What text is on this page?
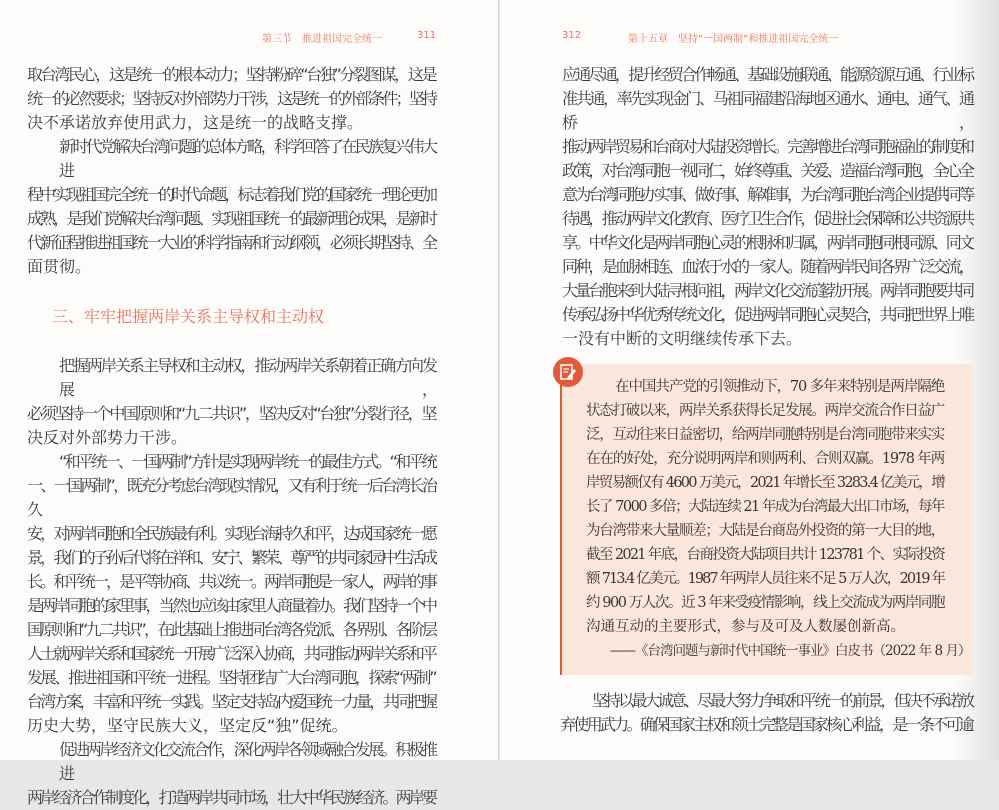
第三节　推进祖国完全统一	311	312	第十五章　坚持“一国两制”和推进祖国完全统一
取台湾民心，这是统一的根本动力；坚持粉碎“台独”分裂图谋，这是
统一的必然要求；坚持反对外部势力干涉，这是统一的外部条件；坚持
决不承诺放弃使用武力，这是统一的战略支撑。
新时代党解决台湾问题的总体方略，科学回答了在民族复兴伟大进
程中实现祖国完全统一的时代命题，标志着我们党的国家统一理论更加
成熟，是我们党解决台湾问题、实现祖国统一的最新理论成果，是新时
代新征程推进祖国统一大业的科学指南和行动纲领，必须长期坚持、全
面贯彻。
三、牢牢把握两岸关系主导权和主动权
把握两岸关系主导权和主动权，推动两岸关系朝着正确方向发展，
必须坚持一个中国原则和“九二共识”，坚决反对“台独”分裂行径，坚
决反对外部势力干涉。
“和平统一、一国两制”方针是实现两岸统一的最佳方式。“和平统
一、一国两制”，既充分考虑台湾现实情况，又有利于统一后台湾长治久
安，对两岸同胞和全民族最有利。实现台海持久和平，达成国家统一愿
景，我们的子孙后代将在祥和、安宁、繁荣、尊严的共同家园中生活成
长。和平统一，是平等协商、共议统一。两岸同胞是一家人，两岸的事
是两岸同胞的家里事，当然也应该由家里人商量着办。我们坚持一个中
国原则和“九二共识”，在此基础上推进同台湾各党派、各界别、各阶层
人士就两岸关系和国家统一开展广泛深入协商，共同推动两岸关系和平
发展、推进祖国和平统一进程。坚持团结广大台湾同胞，探索“两制”
台湾方案，丰富和平统一实践。坚定支持岛内爱国统一力量，共同把握
历史大势，坚守民族大义，坚定反“独”促统。
促进两岸经济文化交流合作，深化两岸各领域融合发展。积极推进
两岸经济合作制度化，打造两岸共同市场，壮大中华民族经济。两岸要
应通尽通，提升经贸合作畅通、基础设施联通、能源资源互通、行业标
准共通，率先实现金门、马祖同福建沿海地区通水、通电、通气、通桥，
推动两岸贸易和台商对大陆投资增长。完善增进台湾同胞福祉的制度和
政策，对台湾同胞一视同仁，始终尊重、关爱、造福台湾同胞，全心全
意为台湾同胞办实事、做好事、解难事，为台湾同胞台湾企业提供同等
待遇，推动两岸文化教育、医疗卫生合作，促进社会保障和公共资源共
享。中华文化是两岸同胞心灵的根脉和归属，两岸同胞同根同源、同文
同种，是血脉相连、血浓于水的一家人。随着两岸民间各界广泛交流，
大量台胞来到大陆寻根问祖，两岸文化交流蓬勃开展。两岸同胞要共同
传承弘扬中华优秀传统文化，促进两岸同胞心灵契合，共同把世界上唯
一没有中断的文明继续传承下去。
在中国共产党的引领推动下，70 多年来特别是两岸隔绝
状态打破以来，两岸关系获得长足发展。两岸交流合作日益广
泛，互动往来日益密切，给两岸同胞特别是台湾同胞带来实实
在在的好处，充分说明两岸和则两利、合则双赢。1978 年两
岸贸易额仅有 4600 万美元，2021 年增长至 3283.4 亿美元，增
长了 7000 多倍；大陆连续 21 年成为台湾最大出口市场，每年
为台湾带来大量顺差；大陆是台商岛外投资的第一大目的地，
截至 2021 年底，台商投资大陆项目共计 123781 个、实际投资
额 713.4 亿美元。1987 年两岸人员往来不足 5 万人次，2019 年
约 900 万人次。近 3 年来受疫情影响，线上交流成为两岸同胞
沟通互动的主要形式，参与及可及人数屡创新高。
——《台湾问题与新时代中国统一事业》白皮书（2022 年 8 月）
坚持以最大诚意、尽最大努力争取和平统一的前景，但决不承诺放
弃使用武力。确保国家主权和领土完整是国家核心利益，是一条不可逾
